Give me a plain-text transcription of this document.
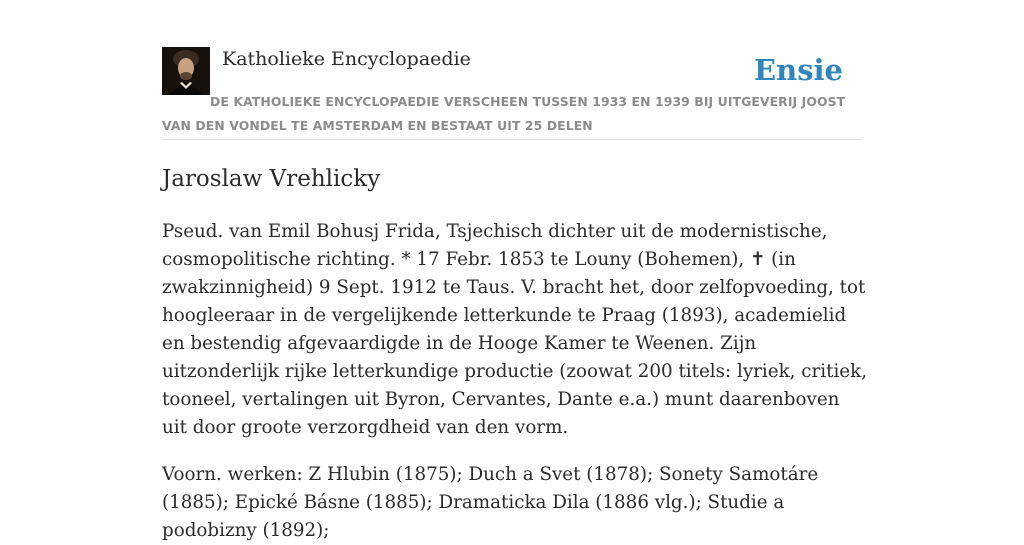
Katholieke Encyclopaedie	Ensie
DE KATHOLIEKE ENCYCLOPAEDIE VERSCHEEN TUSSEN 1933 EN 1939 BIJ UITGEVERIJ JOOST VAN DEN VONDEL TE AMSTERDAM EN BESTAAT UIT 25 DELEN
Jaroslaw Vrehlicky

Pseud. van Emil Bohusj Frida, Tsjechisch dichter uit de modernistische, cosmopolitische richting. * 17 Febr. 1853 te Louny (Bohemen), ✝ (in zwakzinnigheid) 9 Sept. 1912 te Taus. V. bracht het, door zelfopvoeding, tot hoogleeraar in de vergelijkende letterkunde te Praag (1893), academielid en bestendig afgevaardigde in de Hooge Kamer te Weenen. Zijn uitzonderlijk rijke letterkundige productie (zoowat 200 titels: lyriek, critiek, tooneel, vertalingen uit Byron, Cervantes, Dante e.a.) munt daarenboven uit door groote verzorgdheid van den vorm.

Voorn. werken: Z Hlubin (1875); Duch a Svet (1878); Sonety Samotáre (1885); Epické Básne (1885); Dramaticka Dila (1886 vlg.); Studie a podobizny (1892);
